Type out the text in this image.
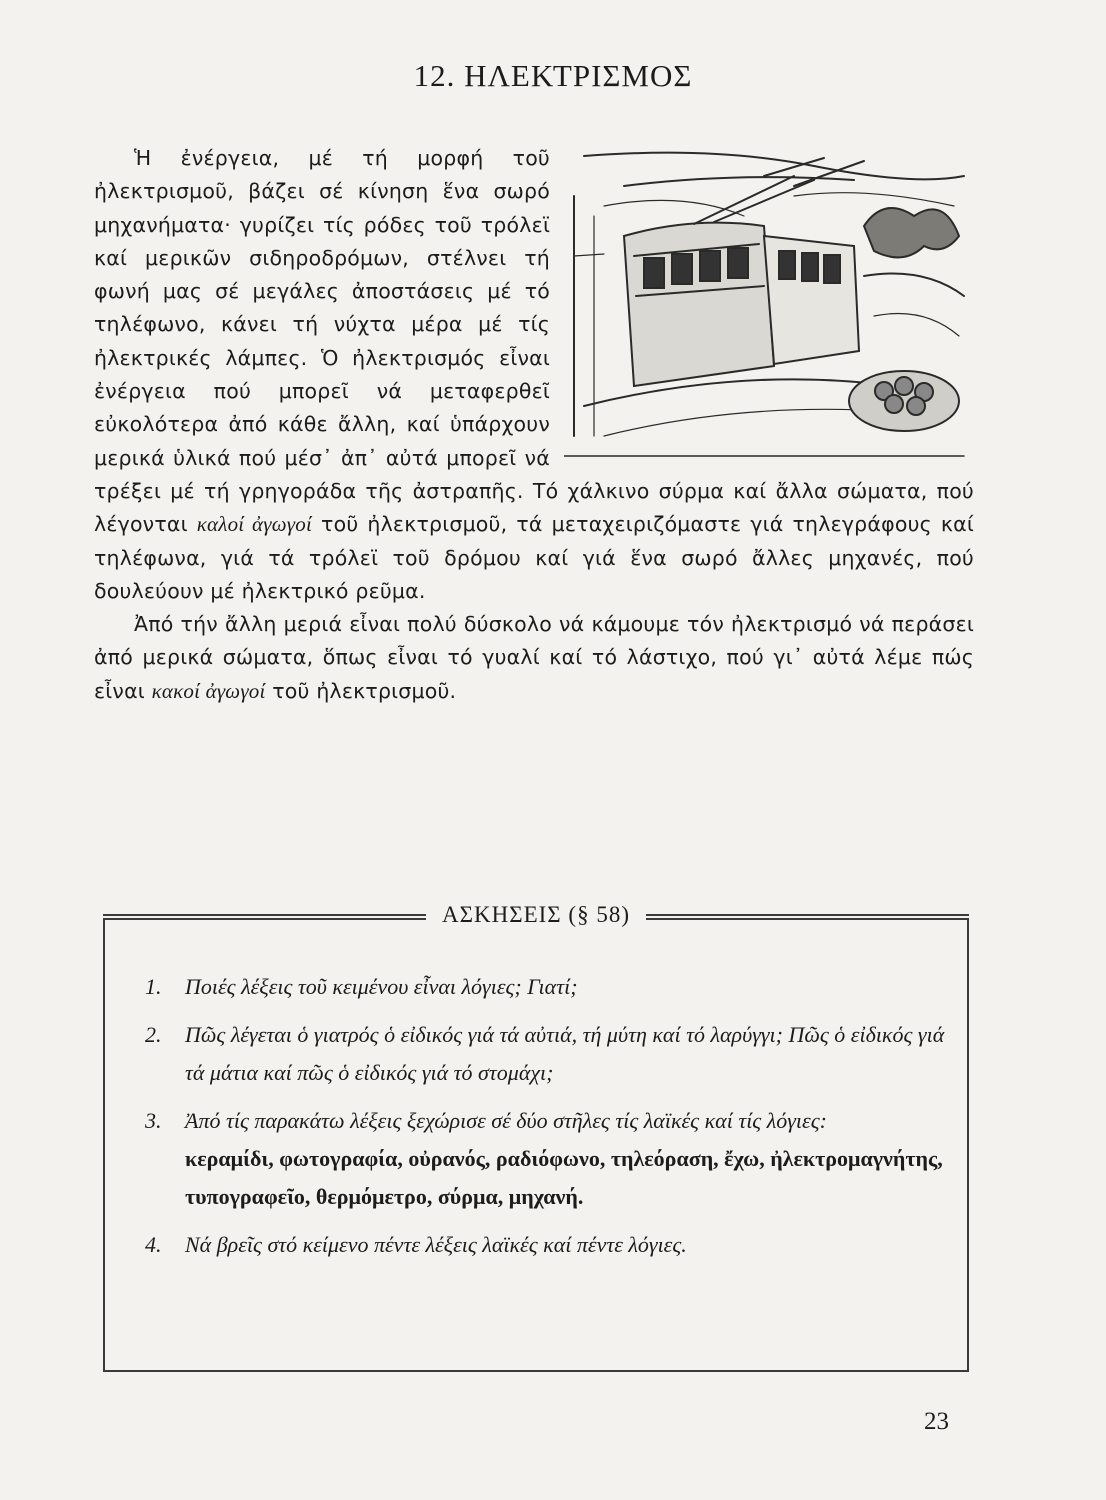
12. ΗΛΕΚΤΡΙΣΜΟΣ

Ἡ ἐνέργεια, μέ τή μορφή τοῦ ἠλεκτρισμοῦ, βάζει σέ κίνηση ἕνα σωρό μηχανήματα· γυρίζει τίς ρόδες τοῦ τρόλεϊ καί μερικῶν σιδηροδρόμων, στέλνει τή φωνή μας σέ μεγάλες ἀποστάσεις μέ τό τηλέφωνο, κάνει τή νύχτα μέρα μέ τίς ἠλεκτρικές λάμπες. Ὁ ἠλεκτρισμός εἶναι ἐνέργεια πού μπορεῖ νά μεταφερθεῖ εὐκολότερα ἀπό κάθε ἄλλη, καί ὑπάρχουν μερικά ὑλικά πού μέσ᾽ ἀπ᾽ αὐτά μπορεῖ νά τρέξει μέ τή γρηγοράδα τῆς ἀστραπῆς. Τό χάλκινο σύρμα καί ἄλλα σώματα, πού λέγονται καλοί ἀγωγοί τοῦ ἠλεκτρισμοῦ, τά μεταχειριζόμαστε γιά τηλεγράφους καί τηλέφωνα, γιά τά τρόλεϊ τοῦ δρόμου καί γιά ἕνα σωρό ἄλλες μηχανές, πού δουλεύουν μέ ἠλεκτρικό ρεῦμα.

Ἀπό τήν ἄλλη μεριά εἶναι πολύ δύσκολο νά κάμουμε τόν ἠλεκτρισμό νά περάσει ἀπό μερικά σώματα, ὅπως εἶναι τό γυαλί καί τό λάστιχο, πού γι᾽ αὐτά λέμε πώς εἶναι κακοί ἀγωγοί τοῦ ἠλεκτρισμοῦ.

ΑΣΚΗΣΕΙΣ (§ 58)
1.	Ποιές λέξεις τοῦ κειμένου εἶναι λόγιες; Γιατί;
2.	Πῶς λέγεται ὁ γιατρός ὁ εἰδικός γιά τά αὐτιά, τή μύτη καί τό λαρύγγι; Πῶς ὁ εἰδικός γιά τά μάτια καί πῶς ὁ εἰδικός γιά τό στομάχι;
3.	Ἀπό τίς παρακάτω λέξεις ξεχώρισε σέ δύο στῆλες τίς λαϊκές καί τίς λόγιες:
κεραμίδι, φωτογραφία, οὐρανός, ραδιόφωνο, τηλεόραση, ἔχω, ἠλεκτρομαγνήτης, τυπογραφεῖο, θερμόμετρο, σύρμα, μηχανή.
4.	Νά βρεῖς στό κείμενο πέντε λέξεις λαϊκές καί πέντε λόγιες.
23
